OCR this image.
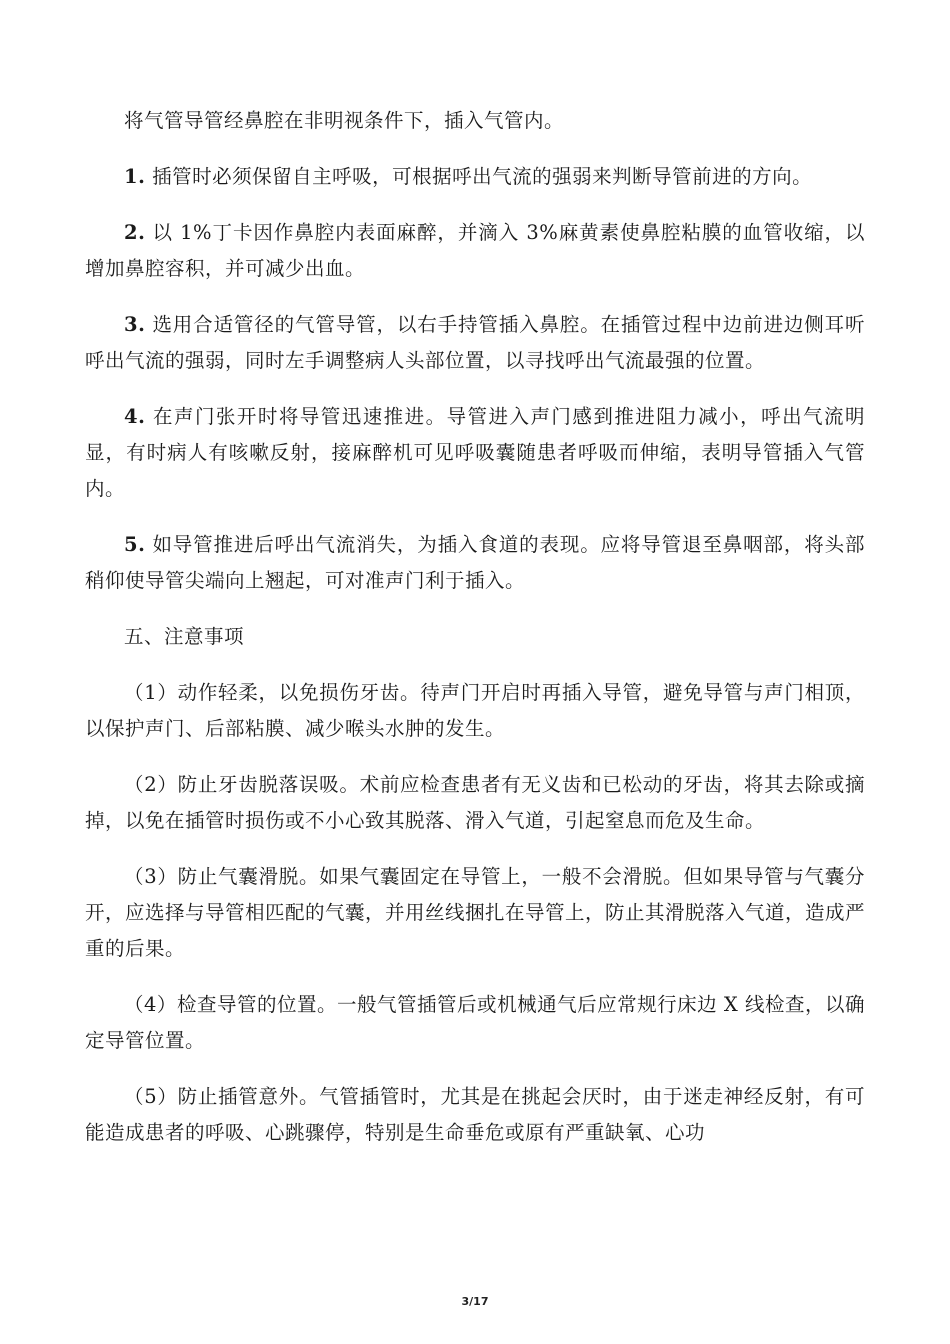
将气管导管经鼻腔在非明视条件下，插入气管内。

1. 插管时必须保留自主呼吸，可根据呼出气流的强弱来判断导管前进的方向。

2. 以 1%丁卡因作鼻腔内表面麻醉，并滴入 3%麻黄素使鼻腔粘膜的血管收缩，以增加鼻腔容积，并可减少出血。

3. 选用合适管径的气管导管，以右手持管插入鼻腔。在插管过程中边前进边侧耳听呼出气流的强弱，同时左手调整病人头部位置，以寻找呼出气流最强的位置。

4. 在声门张开时将导管迅速推进。导管进入声门感到推进阻力减小，呼出气流明显，有时病人有咳嗽反射，接麻醉机可见呼吸囊随患者呼吸而伸缩，表明导管插入气管内。

5. 如导管推进后呼出气流消失，为插入食道的表现。应将导管退至鼻咽部，将头部稍仰使导管尖端向上翘起，可对准声门利于插入。

五、注意事项

（1）动作轻柔，以免损伤牙齿。待声门开启时再插入导管，避免导管与声门相顶，以保护声门、后部粘膜、减少喉头水肿的发生。

（2）防止牙齿脱落误吸。术前应检查患者有无义齿和已松动的牙齿，将其去除或摘掉，以免在插管时损伤或不小心致其脱落、滑入气道，引起窒息而危及生命。

（3）防止气囊滑脱。如果气囊固定在导管上，一般不会滑脱。但如果导管与气囊分开，应选择与导管相匹配的气囊，并用丝线捆扎在导管上，防止其滑脱落入气道，造成严重的后果。

（4）检查导管的位置。一般气管插管后或机械通气后应常规行床边 X 线检查，以确定导管位置。

（5）防止插管意外。气管插管时，尤其是在挑起会厌时，由于迷走神经反射，有可能造成患者的呼吸、心跳骤停，特别是生命垂危或原有严重缺氧、心功

3/17
